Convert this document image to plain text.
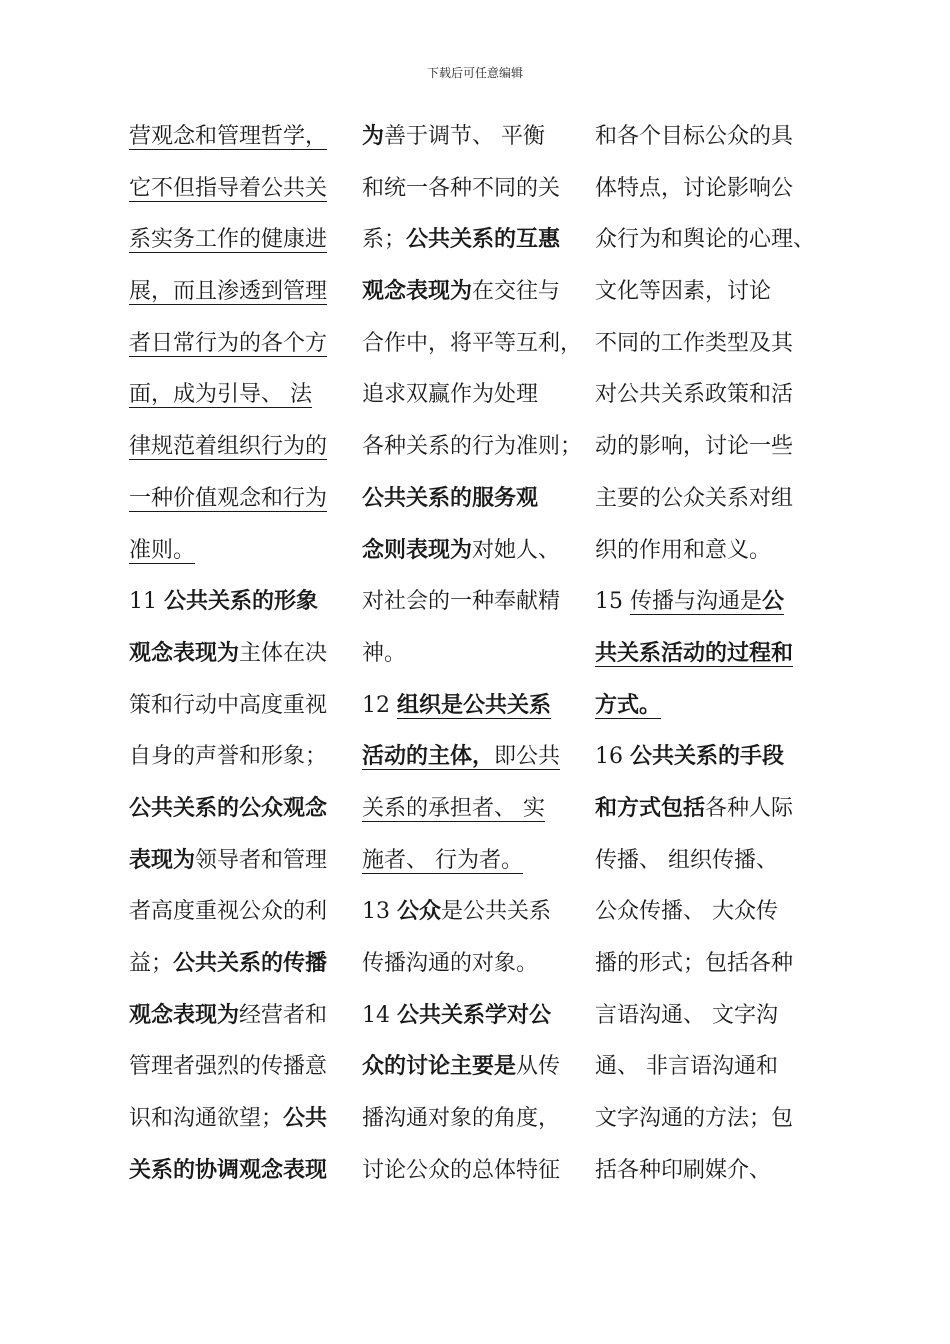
下载后可任意编辑
营观念和管理哲学，
它不但指导着公共关
系实务工作的健康进
展，而且渗透到管理
者日常行为的各个方
面，成为引导、 法
律规范着组织行为的
一种价值观念和行为
准则。
11 公共关系的形象
观念表现为主体在决
策和行动中高度重视
自身的声誉和形象；
公共关系的公众观念
表现为领导者和管理
者高度重视公众的利
益；公共关系的传播
观念表现为经营者和
管理者强烈的传播意
识和沟通欲望；公共
关系的协调观念表现
为善于调节、 平衡
和统一各种不同的关
系；公共关系的互惠
观念表现为在交往与
合作中，将平等互利，
追求双赢作为处理
各种关系的行为准则；
公共关系的服务观
念则表现为对她人、
对社会的一种奉献精
神。
12 组织是公共关系
活动的主体，即公共
关系的承担者、 实
施者、 行为者。
13 公众是公共关系
传播沟通的对象。
14 公共关系学对公
众的讨论主要是从传
播沟通对象的角度，
讨论公众的总体特征
和各个目标公众的具
体特点，讨论影响公
众行为和舆论的心理、
文化等因素，讨论
不同的工作类型及其
对公共关系政策和活
动的影响，讨论一些
主要的公众关系对组
织的作用和意义。
15 传播与沟通是公
共关系活动的过程和
方式。
16 公共关系的手段
和方式包括各种人际
传播、 组织传播、
公众传播、 大众传
播的形式；包括各种
言语沟通、 文字沟
通、 非言语沟通和
文字沟通的方法；包
括各种印刷媒介、
